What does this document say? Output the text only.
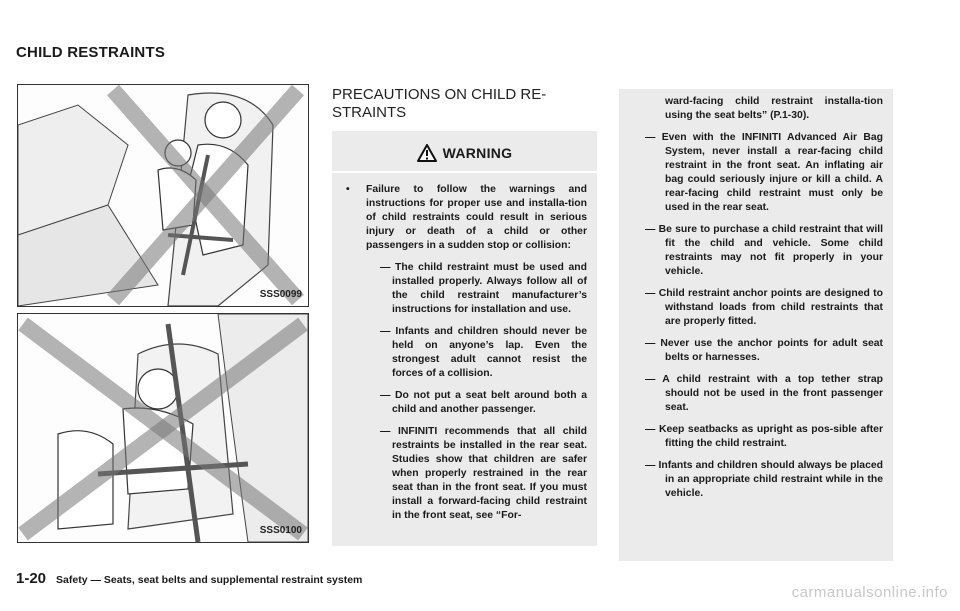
CHILD RESTRAINTS
SSS0099
SSS0100
PRECAUTIONS ON CHILD RE-
STRAINTS
WARNING
•	Failure to follow the warnings and instructions for proper use and installa-tion of child restraints could result in serious injury or death of a child or other passengers in a sudden stop or collision:
— The child restraint must be used and installed properly. Always follow all of the child restraint manufacturer’s instructions for installation and use.
— Infants and children should never be held on anyone’s lap. Even the strongest adult cannot resist the forces of a collision.
— Do not put a seat belt around both a child and another passenger.
— INFINITI recommends that all child restraints be installed in the rear seat. Studies show that children are safer when properly restrained in the rear seat than in the front seat. If you must install a forward-facing child restraint in the front seat, see “For-
ward-facing child restraint installa-tion using the seat belts” (P.1-30).
— Even with the INFINITI Advanced Air Bag System, never install a rear-facing child restraint in the front seat. An inflating air bag could seriously injure or kill a child. A rear-facing child restraint must only be used in the rear seat.
— Be sure to purchase a child restraint that will fit the child and vehicle. Some child restraints may not fit properly in your vehicle.
— Child restraint anchor points are designed to withstand loads from child restraints that are properly fitted.
— Never use the anchor points for adult seat belts or harnesses.
— A child restraint with a top tether strap should not be used in the front passenger seat.
— Keep seatbacks as upright as pos-sible after fitting the child restraint.
— Infants and children should always be placed in an appropriate child restraint while in the vehicle.
1-20 Safety — Seats, seat belts and supplemental restraint system
carmanualsonline.info
